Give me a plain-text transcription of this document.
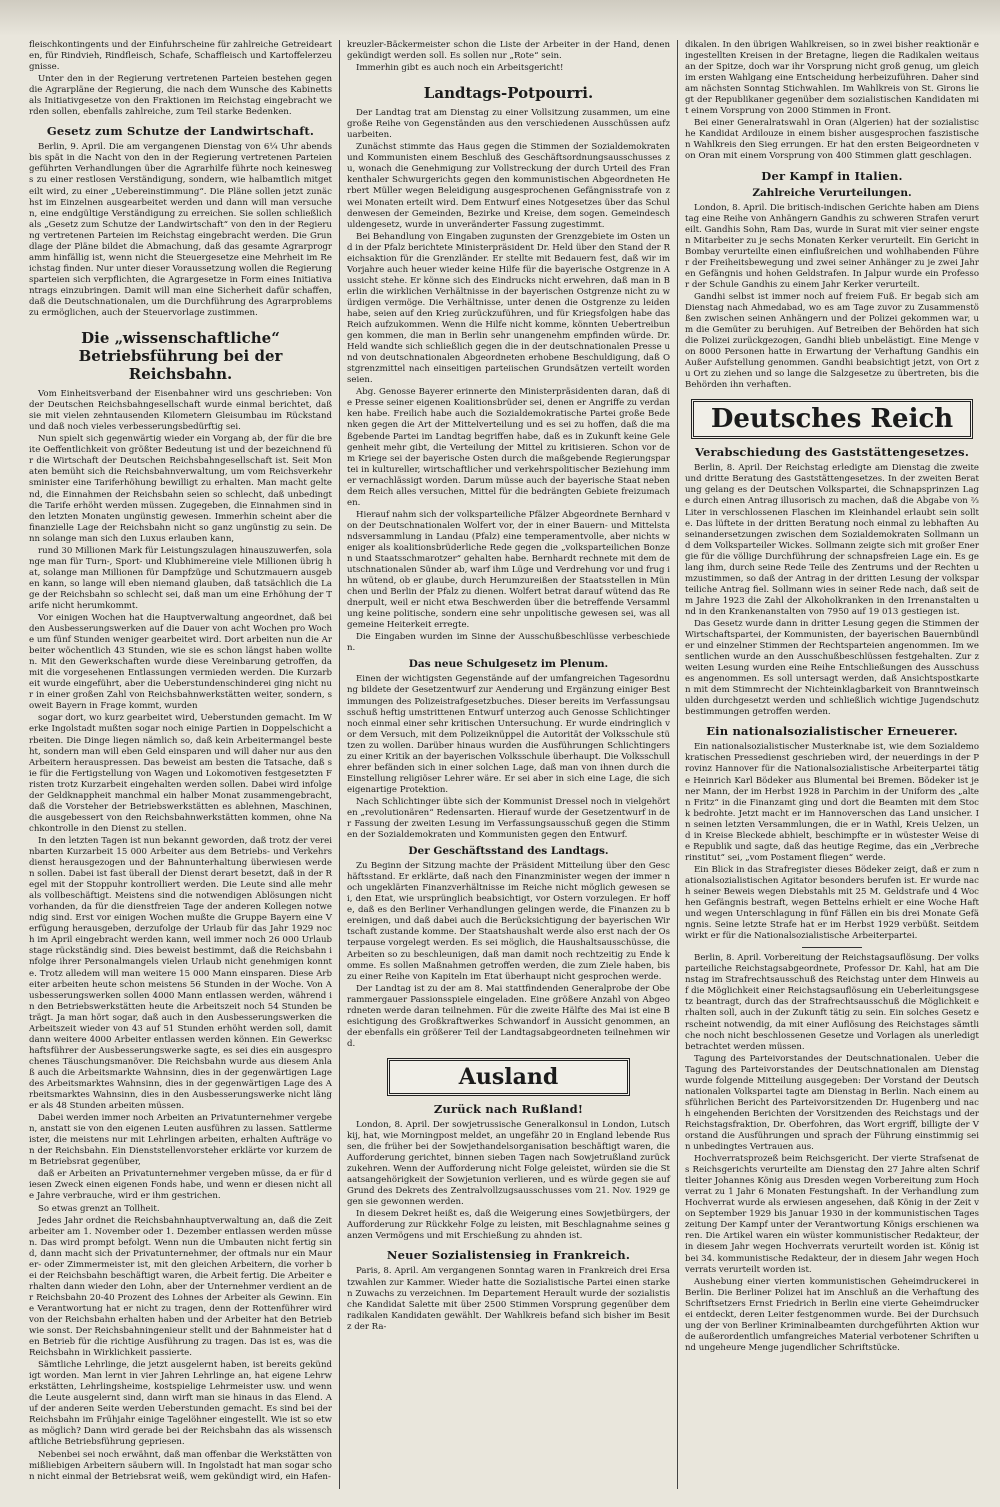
fleischkontingents und der Einfuhrscheine für zahlreiche Getreidearten, für Rindvieh, Rindfleisch, Schafe, Schaffleisch und Kartoffelerzeugnisse.

Unter den in der Regierung vertretenen Parteien bestehen gegen die Agrarpläne der Regierung, die nach dem Wunsche des Kabinetts als Initiativgesetze von den Fraktionen im Reichstag eingebracht werden sollen, ebenfalls zahlreiche, zum Teil starke Bedenken.

Gesetz zum Schutze der Landwirtschaft.

Berlin, 9. April. Die am vergangenen Dienstag von 6¼ Uhr abends bis spät in die Nacht von den in der Regierung vertretenen Parteien geführten Verhandlungen über die Agrarhilfe führte noch keineswegs zu einer restlosen Verständigung, sondern, wie halbamtlich mitgeteilt wird, zu einer „Uebereinstimmung“. Die Pläne sollen jetzt zunächst im Einzelnen ausgearbeitet werden und dann will man versuchen, eine endgültige Verständigung zu erreichen. Sie sollen schließlich als „Gesetz zum Schutze der Landwirtschaft“ von den in der Regierung vertretenen Parteien im Reichstag eingebracht werden. Die Grundlage der Pläne bildet die Abmachung, daß das gesamte Agrarprogramm hinfällig ist, wenn nicht die Steuergesetze eine Mehrheit im Reichstag finden. Nur unter dieser Voraussetzung wollen die Regierungsparteien sich verpflichten, die Agrargesetze in Form eines Initiativantrags einzubringen. Damit will man eine Sicherheit dafür schaffen, daß die Deutschnationalen, um die Durchführung des Agrarproblems zu ermöglichen, auch der Steuervorlage zustimmen.

Die „wissenschaftliche“ Betriebsführung bei der Reichsbahn.

Vom Einheitsverband der Eisenbahner wird uns geschrieben: Von der Deutschen Reichsbahngesellschaft wurde einmal berichtet, daß sie mit vielen zehntausenden Kilometern Gleisumbau im Rückstand und daß noch vieles verbesserungsbedürftig sei.

Nun spielt sich gegenwärtig wieder ein Vorgang ab, der für die breite Oeffentlichkeit von größter Bedeutung ist und der bezeichnend für die Wirtschaft der Deutschen Reichsbahngesellschaft ist. Seit Monaten bemüht sich die Reichsbahnverwaltung, um vom Reichsverkehrsminister eine Tariferhöhung bewilligt zu erhalten. Man macht geltend, die Einnahmen der Reichsbahn seien so schlecht, daß unbedingt die Tarife erhöht werden müssen. Zugegeben, die Einnahmen sind in den letzten Monaten ungünstig gewesen. Immerhin scheint aber die finanzielle Lage der Reichsbahn nicht so ganz ungünstig zu sein. Denn solange man sich den Luxus erlauben kann,

rund 30 Millionen Mark für Leistungszulagen hinauszuwerfen, solange man für Turn-, Sport- und Klubhimereine viele Millionen übrig hat, solange man Millionen für Dampfzüge und Schutzmauern ausgeben kann, so lange will eben niemand glauben, daß tatsächlich die Lage der Reichsbahn so schlecht sei, daß man um eine Erhöhung der Tarife nicht herumkommt.

Vor einigen Wochen hat die Hauptverwaltung angeordnet, daß bei den Ausbesserungswerken auf die Dauer von acht Wochen pro Woche um fünf Stunden weniger gearbeitet wird. Dort arbeiten nun die Arbeiter wöchentlich 43 Stunden, wie sie es schon längst haben wollten. Mit den Gewerkschaften wurde diese Vereinbarung getroffen, damit die vorgesehenen Entlassungen vermieden werden. Die Kurzarbeit wurde eingeführt, aber die Ueberstundenschinderei ging nicht nur in einer großen Zahl von Reichsbahnwerkstätten weiter, sondern, soweit Bayern in Frage kommt, wurden

sogar dort, wo kurz gearbeitet wird, Ueberstunden gemacht. Im Werke Ingolstadt mußten sogar noch einige Partien in Doppelschicht arbeiten. Die Dinge liegen nämlich so, daß kein Arbeitermangel besteht, sondern man will eben Geld einsparen und will daher nur aus den Arbeitern herauspressen. Das beweist am besten die Tatsache, daß sie für die Fertigstellung von Wagen und Lokomotiven festgesetzten Fristen trotz Kurzarbeit eingehalten werden sollen. Dabei wird infolge der Geldknappheit manchmal ein halber Monat zusammengebracht, daß die Vorsteher der Betriebswerkstätten es ablehnen, Maschinen, die ausgebessert von den Reichsbahnwerkstätten kommen, ohne Nachkontrolle in den Dienst zu stellen.

In den letzten Tagen ist nun bekannt geworden, daß trotz der vereinbarten Kurzarbeit 15 000 Arbeiter aus dem Betriebs- und Verkehrsdienst herausgezogen und der Bahnunterhaltung überwiesen werden sollen. Dabei ist fast überall der Dienst derart besetzt, daß in der Regel mit der Stoppuhr kontrolliert werden. Die Leute sind alle mehr als vollbeschäftigt. Meistens sind die notwendigen Ablösungen nicht vorhanden, da für die dienstfreien Tage der anderen Kollegen notwendig sind. Erst vor einigen Wochen mußte die Gruppe Bayern eine Verfügung herausgeben, derzufolge der Urlaub für das Jahr 1929 noch im April eingebracht werden kann, weil immer noch 26 000 Urlaubstage rückständig sind. Dies beweist bestimmt, daß die Reichsbahn infolge ihrer Personalmangels vielen Urlaub nicht genehmigen konnte. Trotz alledem will man weitere 15 000 Mann einsparen. Diese Arbeiter arbeiten heute schon meistens 56 Stunden in der Woche. Von Ausbesserungswerken sollen 4000 Mann entlassen werden, während in den Betriebswerkstätten heute die Arbeitszeit noch 54 Stunden beträgt. Ja man hört sogar, daß auch in den Ausbesserungswerken die Arbeitszeit wieder von 43 auf 51 Stunden erhöht werden soll, damit dann weitere 4000 Arbeiter entlassen werden können. Ein Gewerkschaftsführer der Ausbesserungswerke sagte, es sei dies ein ausgesprochenes Täuschungsmanöver. Die Reichsbahn wurde aus diesem Anlaß auch die Arbeitsmarkte Wahnsinn, dies in der gegenwärtigen Lage des Arbeitsmarktes Wahnsinn, dies in der gegenwärtigen Lage des Arbeitsmarktes Wahnsinn, dies in den Ausbesserungswerke nicht länger als 48 Stunden arbeiten müssen.

Dabei werden immer noch Arbeiten an Privatunternehmer vergeben, anstatt sie von den eigenen Leuten ausführen zu lassen. Sattlermeister, die meistens nur mit Lehrlingen arbeiten, erhalten Aufträge von der Reichsbahn. Ein Dienststellenvorsteher erklärte vor kurzem dem Betriebsrat gegenüber,

daß er Arbeiten an Privatunternehmer vergeben müsse, da er für diesen Zweck einen eigenen Fonds habe, und wenn er diesen nicht alle Jahre verbrauche, wird er ihm gestrichen.

So etwas grenzt an Tollheit.

Jedes Jahr ordnet die Reichsbahnhauptverwaltung an, daß die Zeitarbeiter am 1. November oder 1. Dezember entlassen werden müssen. Das wird prompt befolgt. Wenn nun die Umbauten nicht fertig sind, dann macht sich der Privatunternehmer, der oftmals nur ein Maurer- oder Zimmermeister ist, mit den gleichen Arbeitern, die vorher bei der Reichsbahn beschäftigt waren, die Arbeit fertig. Die Arbeiter erhalten dann wieder den Lohn, aber der Unternehmer verdient an der Reichsbahn 20-40 Prozent des Lohnes der Arbeiter als Gewinn. Eine Verantwortung hat er nicht zu tragen, denn der Rottenführer wird von der Reichsbahn erhalten haben und der Arbeiter hat den Betrieb wie sonst. Der Reichsbahningenieur stellt und der Bahnmeister hat den Betrieb für die richtige Ausführung zu tragen. Das ist es, was die Reichsbahn in Wirklichkeit passierte.

Sämtliche Lehrlinge, die jetzt ausgelernt haben, ist bereits gekündigt worden. Man lernt in vier Jahren Lehrlinge an, hat eigene Lehrwerkstätten, Lehrlingsheime, kostspielige Lehrmeister usw. und wenn die Leute ausgelernt sind, dann wirft man sie hinaus in das Elend. Auf der anderen Seite werden Ueberstunden gemacht. Es sind bei der Reichsbahn im Frühjahr einige Tagelöhner eingestellt. Wie ist so etwas möglich? Dann wird gerade bei der Reichsbahn das als wissenschaftliche Betriebsführung gepriesen.

Nebenbei sei noch erwähnt, daß man offenbar die Werkstätten von mißliebigen Arbeitern säubern will. In Ingolstadt hat man sogar schon nicht einmal der Betriebsrat weiß, wem gekündigt wird, ein Hafen-

kreuzler-Bäckermeister schon die Liste der Arbeiter in der Hand, denen gekündigt werden soll. Es sollen nur „Rote“ sein.

Immerhin gibt es auch noch ein Arbeitsgericht!

Landtags-Potpourri.

Der Landtag trat am Dienstag zu einer Vollsitzung zusammen, um eine große Reihe von Gegenständen aus den verschiedenen Ausschüssen aufzuarbeiten.

Zunächst stimmte das Haus gegen die Stimmen der Sozialdemokraten und Kommunisten einem Beschluß des Geschäftsordnungsausschusses zu, wonach die Genehmigung zur Vollstreckung der durch Urteil des Frankenthaler Schwurgerichts gegen den kommunistischen Abgeordneten Herbert Müller wegen Beleidigung ausgesprochenen Gefängnisstrafe von zwei Monaten erteilt wird. Dem Entwurf eines Notgesetzes über das Schuldenwesen der Gemeinden, Bezirke und Kreise, dem sogen. Gemeindeschuldengesetz, wurde in unveränderter Fassung zugestimmt.

Bei Behandlung von Eingaben zugunsten der Grenzgebiete im Osten und in der Pfalz berichtete Ministerpräsident Dr. Held über den Stand der Reichsaktion für die Grenzländer. Er stellte mit Bedauern fest, daß wir im Vorjahre auch heuer wieder keine Hilfe für die bayerische Ostgrenze in Aussicht stehe. Er könne sich des Eindrucks nicht erwehren, daß man in Berlin die wirklichen Verhältnisse in der bayerischen Ostgrenze nicht zu würdigen vermöge. Die Verhältnisse, unter denen die Ostgrenze zu leiden habe, seien auf den Krieg zurückzuführen, und für Kriegsfolgen habe das Reich aufzukommen. Wenn die Hilfe nicht komme, könnten Uebertreibungen kommen, die man in Berlin sehr unangenehm empfinden würde. Dr. Held wandte sich schließlich gegen die in der deutschnationalen Presse und von deutschnationalen Abgeordneten erhobene Beschuldigung, daß Ostgrenzmittel nach einseitigen parteiischen Grundsätzen verteilt worden seien.

Abg. Genosse Bayerer erinnerte den Ministerpräsidenten daran, daß die Presse seiner eigenen Koalitionsbrüder sei, denen er Angriffe zu verdanken habe. Freilich habe auch die Sozialdemokratische Partei große Bedenken gegen die Art der Mittelverteilung und es sei zu hoffen, daß die maßgebende Partei im Landtag begriffen habe, daß es in Zukunft keine Gelegenheit mehr gibt, die Verteilung der Mittel zu kritisieren. Schon vor dem Kriege sei der bayerische Osten durch die maßgebende Regierungspartei in kultureller, wirtschaftlicher und verkehrspolitischer Beziehung immer vernachlässigt worden. Darum müsse auch der bayerische Staat neben dem Reich alles versuchen, Mittel für die bedrängten Gebiete freizumachen.

Hierauf nahm sich der volksparteiliche Pfälzer Abgeordnete Bernhard von der Deutschnationalen Wolfert vor, der in einer Bauern- und Mittelstandsversammlung in Landau (Pfalz) eine temperamentvolle, aber nichts weniger als koalitionsbrüderliche Rede gegen die „volksparteilichen Bonzen und Staatsschmarotzer“ gehalten habe. Bernhardt rechnete mit dem deutschnationalen Sünder ab, warf ihm Lüge und Verdrehung vor und frug ihn wütend, ob er glaube, durch Herumzureißen der Staatsstellen in München und Berlin der Pfalz zu dienen. Wolfert betrat darauf wütend das Rednerpult, weil er nicht etwa Beschwerden über die betreffende Versammlung keine politische, sondern eine sehr unpolitische gewesen sei, was allgemeine Heiterkeit erregte.

Die Eingaben wurden im Sinne der Ausschußbeschlüsse verbeschieden.

Das neue Schulgesetz im Plenum.

Einen der wichtigsten Gegenstände auf der umfangreichen Tagesordnung bildete der Gesetzentwurf zur Aenderung und Ergänzung einiger Bestimmungen des Polizeistrafgesetzbuches. Dieser bereits im Verfassungsausschuß heftig umstrittenen Entwurf unterzog auch Genosse Schlichtinger noch einmal einer sehr kritischen Untersuchung. Er wurde eindringlich vor dem Versuch, mit dem Polizeiknüppel die Autorität der Volksschule stützen zu wollen. Darüber hinaus wurden die Ausführungen Schlichtingers zu einer Kritik an der bayerischen Volksschule überhaupt. Die Volksschullehrer befänden sich in einer solchen Lage, daß man von ihnen durch die Einstellung religiöser Lehrer wäre. Er sei aber in sich eine Lage, die sich eigenartige Protektion.

Nach Schlichtinger übte sich der Kommunist Dressel noch in vielgehörten „revolutionären“ Redensarten. Hierauf wurde der Gesetzentwurf in der Fassung der zweiten Lesung im Verfassungsausschuß gegen die Stimmen der Sozialdemokraten und Kommunisten gegen den Entwurf.

Der Geschäftsstand des Landtags.

Zu Beginn der Sitzung machte der Präsident Mitteilung über den Geschäftsstand. Er erklärte, daß nach den Finanzminister wegen der immer noch ungeklärten Finanzverhältnisse im Reiche nicht möglich gewesen sei, den Etat, wie ursprünglich beabsichtigt, vor Ostern vorzulegen. Er hoffe, daß es den Berliner Verhandlungen gelingen werde, die Finanzen zu bereinigen, und daß dabei auch die Berücksichtigung der bayerischen Wirtschaft zustande komme. Der Staatshaushalt werde also erst nach der Osterpause vorgelegt werden. Es sei möglich, die Haushaltsausschüsse, die Arbeiten so zu beschleunigen, daß man damit noch rechtzeitig zu Ende komme. Es sollen Maßnahmen getroffen werden, die zum Ziele haben, bis zu einer Reihe von Kapiteln im Etat überhaupt nicht gesprochen werde.

Der Landtag ist zu der am 8. Mai stattfindenden Generalprobe der Oberammergauer Passionsspiele eingeladen. Eine größere Anzahl von Abgeordneten werde daran teilnehmen. Für die zweite Hälfte des Mai ist eine Besichtigung des Großkraftwerkes Schwandorf in Aussicht genommen, an der ebenfalls ein größerer Teil der Landtagsabgeordneten teilnehmen wird.

Ausland
Zurück nach Rußland!

London, 8. April. Der sowjetrussische Generalkonsul in London, Lutschkij, hat, wie Morningpost meldet, an ungefähr 20 in England lebende Russen, die früher bei der Sowjethandelsorganisation beschäftigt waren, die Aufforderung gerichtet, binnen sieben Tagen nach Sowjetrußland zurückzukehren. Wenn der Aufforderung nicht Folge geleistet, würden sie die Staatsangehörigkeit der Sowjetunion verlieren, und es würde gegen sie auf Grund des Dekrets des Zentralvollzugsausschusses vom 21. Nov. 1929 gegen sie gewonnen werden.

In diesem Dekret heißt es, daß die Weigerung eines Sowjetbürgers, der Aufforderung zur Rückkehr Folge zu leisten, mit Beschlagnahme seines ganzen Vermögens und mit Erschießung zu ahnden ist.

Neuer Sozialistensieg in Frankreich.

Paris, 8. April. Am vergangenen Sonntag waren in Frankreich drei Ersatzwahlen zur Kammer. Wieder hatte die Sozialistische Partei einen starken Zuwachs zu verzeichnen. Im Departement Herault wurde der sozialistische Kandidat Salette mit über 2500 Stimmen Vorsprung gegenüber dem radikalen Kandidaten gewählt. Der Wahlkreis befand sich bisher im Besitz der Ra-

dikalen. In den übrigen Wahlkreisen, so in zwei bisher reaktionär eingestellten Kreisen in der Bretagne, liegen die Radikalen weitaus an der Spitze, doch war ihr Vorsprung nicht groß genug, um gleich im ersten Wahlgang eine Entscheidung herbeizuführen. Daher sind am nächsten Sonntag Stichwahlen. Im Wahlkreis von St. Girons liegt der Republikaner gegenüber dem sozialistischen Kandidaten mit einem Vorsprung von 2000 Stimmen in Front.

Bei einer Generalratswahl in Oran (Algerien) hat der sozialistische Kandidat Ardilouze in einem bisher ausgesprochen faszistischen Wahlkreis den Sieg errungen. Er hat den ersten Beigeordneten von Oran mit einem Vorsprung von 400 Stimmen glatt geschlagen.

Der Kampf in Italien.
Zahlreiche Verurteilungen.

London, 8. April. Die britisch-indischen Gerichte haben am Dienstag eine Reihe von Anhängern Gandhis zu schweren Strafen verurteilt. Gandhis Sohn, Ram Das, wurde in Surat mit vier seiner engsten Mitarbeiter zu je sechs Monaten Kerker verurteilt. Ein Gericht in Bombay verurteilte einen einflußreichen und wohlhabenden Führer der Freiheitsbewegung und zwei seiner Anhänger zu je zwei Jahren Gefängnis und hohen Geldstrafen. In Jalpur wurde ein Professor der Schule Gandhis zu einem Jahr Kerker verurteilt.

Gandhi selbst ist immer noch auf freiem Fuß. Er begab sich am Dienstag nach Ahmedabad, wo es am Tage zuvor zu Zusammenstößen zwischen seinen Anhängern und der Polizei gekommen war, um die Gemüter zu beruhigen. Auf Betreiben der Behörden hat sich die Polizei zurückgezogen, Gandhi blieb unbelästigt. Eine Menge von 8000 Personen hatte in Erwartung der Verhaftung Gandhis ein Außer Aufstellung genommen. Gandhi beabsichtigt jetzt, von Ort zu Ort zu ziehen und so lange die Salzgesetze zu übertreten, bis die Behörden ihn verhaften.

Deutsches Reich
Verabschiedung des Gaststättengesetzes.

Berlin, 8. April. Der Reichstag erledigte am Dienstag die zweite und dritte Beratung des Gaststättengesetzes. In der zweiten Beratung gelang es der Deutschen Volkspartei, die Schnapsprinzen Lage durch einen Antrag illusorisch zu machen, daß die Abgabe von ⅔ Liter in verschlossenen Flaschen im Kleinhandel erlaubt sein sollte. Das lüftete in der dritten Beratung noch einmal zu lebhaften Auseinandersetzungen zwischen dem Sozialdemokraten Sollmann und dem Volksparteiler Wickes. Sollmann zeigte sich mit großer Energie für die völlige Durchführung der schnapsfreien Lage ein. Es gelang ihm, durch seine Rede Teile des Zentrums und der Rechten umzustimmen, so daß der Antrag in der dritten Lesung der volksparteiliche Antrag fiel. Sollmann wies in seiner Rede nach, daß seit dem Jahre 1923 die Zahl der Alkoholkranken in den Irrenanstalten und in den Krankenanstalten von 7950 auf 19 013 gestiegen ist.

Das Gesetz wurde dann in dritter Lesung gegen die Stimmen der Wirtschaftspartei, der Kommunisten, der bayerischen Bauernbündler und einzelner Stimmen der Rechtsparteien angenommen. Im wesentlichen wurde an den Ausschußbeschlüssen festgehalten. Zur zweiten Lesung wurden eine Reihe Entschließungen des Ausschusses angenommen. Es soll untersagt werden, daß Ansichtspostkarten mit dem Stimmrecht der Nichteinklagbarkeit von Branntweinschulden durchgesetzt werden und schließlich wichtige Jugendschutzbestimmungen getroffen werden.

Ein nationalsozialistischer Erneuerer.

Ein nationalsozialistischer Musterknabe ist, wie dem Sozialdemokratischen Pressedienst geschrieben wird, der neuerdings in der Provinz Hannover für die Nationalsozialistische Arbeiterpartei tätige Heinrich Karl Bödeker aus Blumental bei Bremen. Bödeker ist jener Mann, der im Herbst 1928 in Parchim in der Uniform des „alten Fritz“ in die Finanzamt ging und dort die Beamten mit dem Stock bedrohte. Jetzt macht er im Hannoverschen das Land unsicher. In seinen letzten Versammlungen, die er in Wathl, Kreis Uelzen, und in Kreise Bleckede abhielt, beschimpfte er in wüstester Weise die Republik und sagte, daß das heutige Regime, das ein „Verbrecherinstitut“ sei, „vom Postament fliegen“ werde.

Ein Blick in das Strafregister dieses Bödeker zeigt, daß er zum nationalsozialistischen Agitator besonders berufen ist. Er wurde nach seiner Beweis wegen Diebstahls mit 25 M. Geldstrafe und 4 Wochen Gefängnis bestraft, wegen Bettelns erhielt er eine Woche Haft und wegen Unterschlagung in fünf Fällen ein bis drei Monate Gefängnis. Seine letzte Strafe hat er im Herbst 1929 verbüßt. Seitdem wirkt er für die Nationalsozialistische Arbeiterpartei.

Berlin, 8. April. Vorbereitung der Reichstagsauflösung. Der volksparteiliche Reichstagsabgeordnete, Professor Dr. Kahl, hat am Dienstag im Strafrechtsausschuß des Reichstag unter dem Hinweis auf die Möglichkeit einer Reichstagsauflösung ein Ueberleitungsgesetz beantragt, durch das der Strafrechtsausschuß die Möglichkeit erhalten soll, auch in der Zukunft tätig zu sein. Ein solches Gesetz erscheint notwendig, da mit einer Auflösung des Reichstages sämtliche noch nicht beschlossenen Gesetze und Vorlagen als unerledigt betrachtet werden müssen.

Tagung des Parteivorstandes der Deutschnationalen. Ueber die Tagung des Parteivorstandes der Deutschnationalen am Dienstag wurde folgende Mitteilung ausgegeben: Der Vorstand der Deutschnationalen Volkspartei tagte am Dienstag in Berlin. Nach einem ausführlichen Bericht des Parteivorsitzenden Dr. Hugenberg und nach eingehenden Berichten der Vorsitzenden des Reichstags und der Reichstagsfraktion, Dr. Oberfohren, das Wort ergriff, billigte der Vorstand die Ausführungen und sprach der Führung einstimmig sein unbedingtes Vertrauen aus.

Hochverratsprozeß beim Reichsgericht. Der vierte Strafsenat des Reichsgerichts verurteilte am Dienstag den 27 Jahre alten Schriftleiter Johannes König aus Dresden wegen Vorbereitung zum Hochverrat zu 1 Jahr 6 Monaten Festungshaft. In der Verhandlung zum Hochverrat wurde als erwiesen angesehen, daß König in der Zeit von September 1929 bis Januar 1930 in der kommunistischen Tageszeitung Der Kampf unter der Verantwortung Königs erschienen waren. Die Artikel waren ein wüster kommunistischer Redakteur, der in diesem Jahr wegen Hochverrats verurteilt worden ist. König ist bei 34. kommunistische Redakteur, der in diesem Jahr wegen Hochverrats verurteilt worden ist.

Aushebung einer vierten kommunistischen Geheimdruckerei in Berlin. Die Berliner Polizei hat im Anschluß an die Verhaftung des Schriftsetzers Ernst Friedrich in Berlin eine vierte Geheimdruckerei entdeckt, deren Leiter festgenommen wurde. Bei der Durchsuchung der von Berliner Kriminalbeamten durchgeführten Aktion wurde außerordentlich umfangreiches Material verbotener Schriften und ungeheure Menge jugendlicher Schriftstücke.
